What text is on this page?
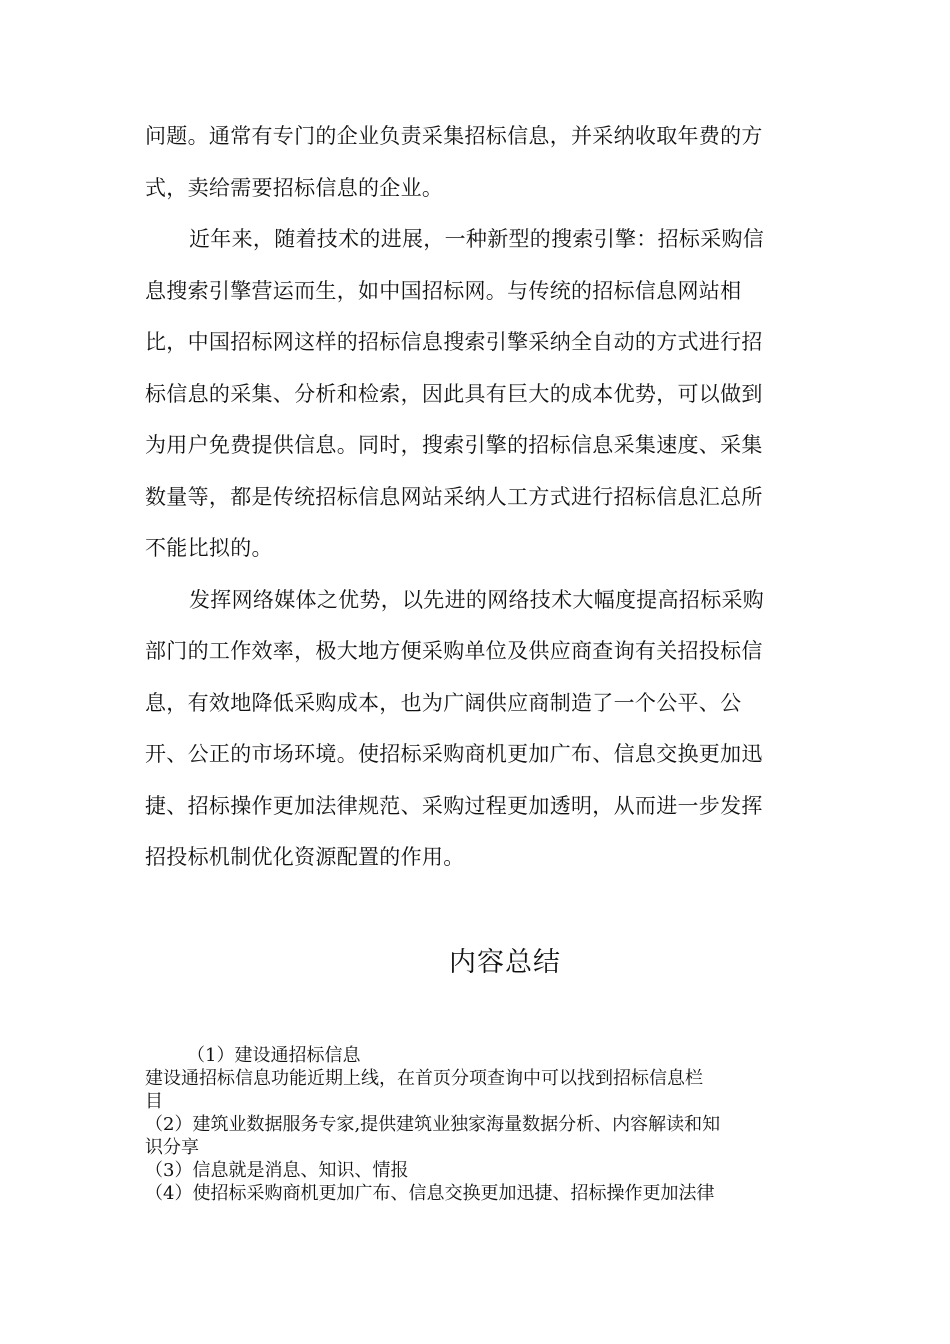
问题。通常有专门的企业负责采集招标信息，并采纳收取年费的方
式，卖给需要招标信息的企业。
近年来，随着技术的进展，一种新型的搜索引擎：招标采购信
息搜索引擎营运而生，如中国招标网。与传统的招标信息网站相
比，中国招标网这样的招标信息搜索引擎采纳全自动的方式进行招
标信息的采集、分析和检索，因此具有巨大的成本优势，可以做到
为用户免费提供信息。同时，搜索引擎的招标信息采集速度、采集
数量等，都是传统招标信息网站采纳人工方式进行招标信息汇总所
不能比拟的。
发挥网络媒体之优势，以先进的网络技术大幅度提高招标采购
部门的工作效率，极大地方便采购单位及供应商查询有关招投标信
息，有效地降低采购成本，也为广阔供应商制造了一个公平、公
开、公正的市场环境。使招标采购商机更加广布、信息交换更加迅
捷、招标操作更加法律规范、采购过程更加透明，从而进一步发挥
招投标机制优化资源配置的作用。
内容总结
（1）建设通招标信息
建设通招标信息功能近期上线，在首页分项查询中可以找到招标信息栏
目
（2）建筑业数据服务专家,提供建筑业独家海量数据分析、内容解读和知
识分享
（3）信息就是消息、知识、情报
（4）使招标采购商机更加广布、信息交换更加迅捷、招标操作更加法律
